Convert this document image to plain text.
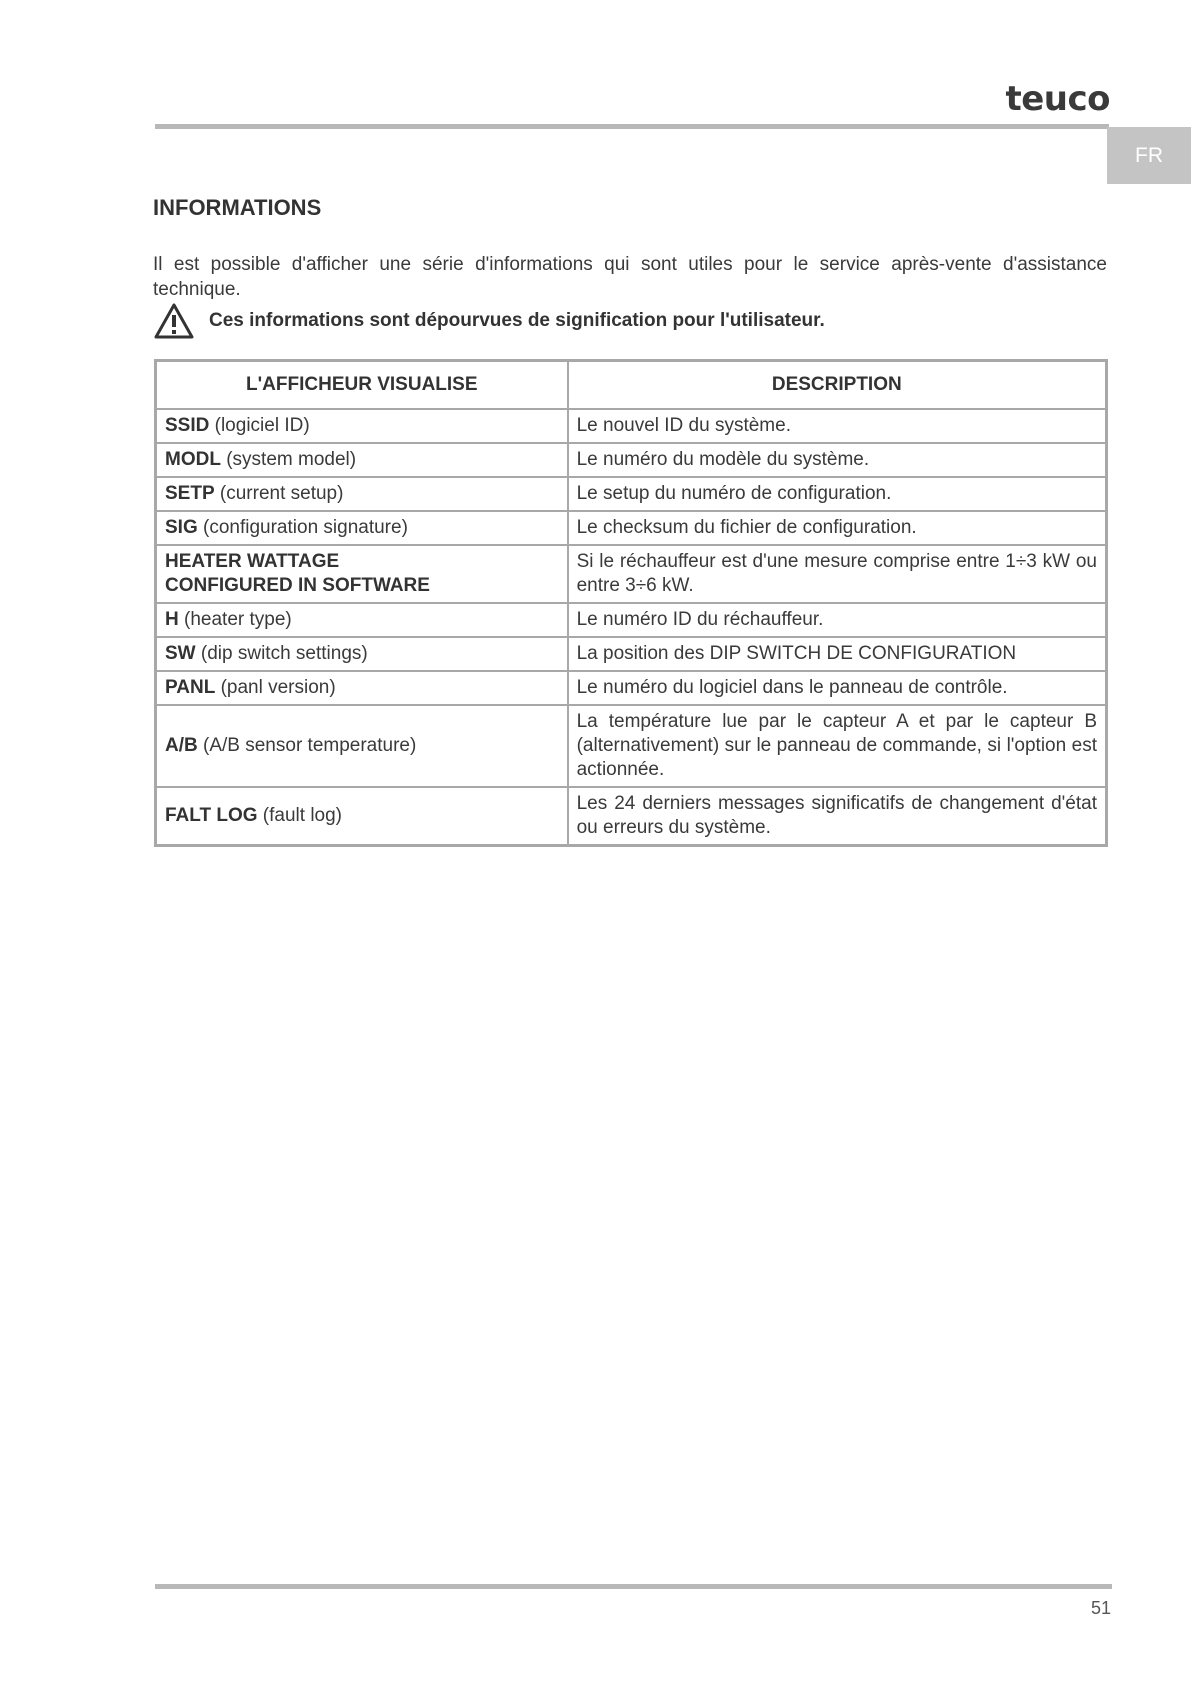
teuco
FR
INFORMATIONS
Il est possible d'afficher une série d'informations qui sont utiles pour le service après-vente d'assistance technique.
Ces informations sont dépourvues de signification pour l'utilisateur.
L'AFFICHEUR VISUALISE	DESCRIPTION
SSID (logiciel ID)	Le nouvel ID du système.
MODL (system model)	Le numéro du modèle du système.
SETP (current setup)	Le setup du numéro de configuration.
SIG (configuration signature)	Le checksum du fichier de configuration.
HEATER WATTAGE CONFIGURED IN SOFTWARE	Si le réchauffeur est d'une mesure comprise entre 1÷3 kW ou entre 3÷6 kW.
H (heater type)	Le numéro ID du réchauffeur.
SW (dip switch settings)	La position des DIP SWITCH DE CONFIGURATION
PANL (panl version)	Le numéro du logiciel dans le panneau de contrôle.
A/B (A/B sensor temperature)	La température lue par le capteur A et par le capteur B (alternativement) sur le panneau de commande, si l'option est actionnée.
FALT LOG (fault log)	Les 24 derniers messages significatifs de changement d'état ou erreurs du système.
51
